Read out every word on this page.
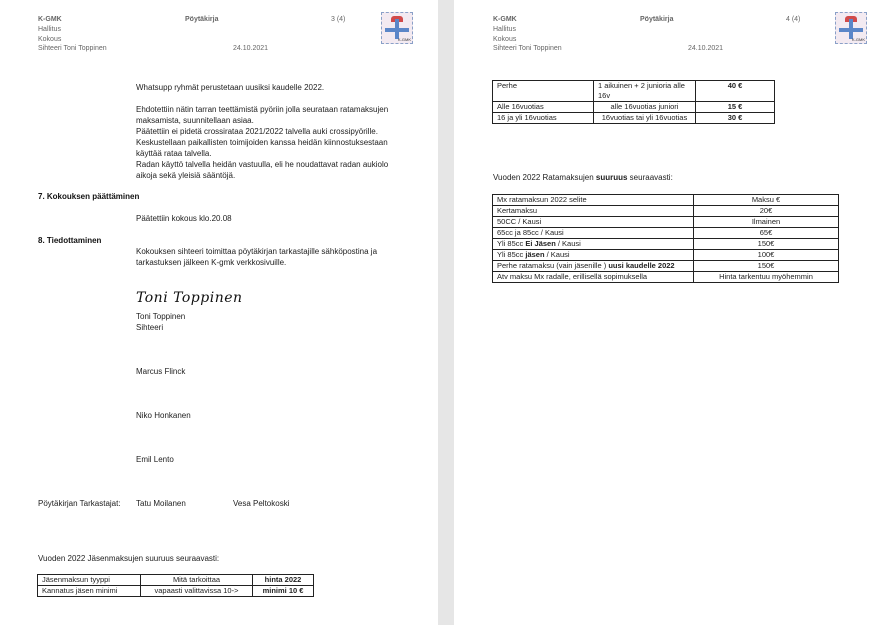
K-GMK
Hallitus
Kokous
Sihteeri Toni Toppinen
Pöytäkirja	3 (4)
24.10.2021
K-GMK
Whatsupp ryhmät perustetaan uusiksi kaudelle 2022.
Ehdotettiin nätin tarran teettämistä pyöriin jolla seurataan ratamaksujen
maksamista, suunnitellaan asiaa.
Päätettiin ei pidetä crossirataa 2021/2022 talvella auki crossipyörille.
Keskustellaan paikallisten toimijoiden kanssa heidän kiinnostuksestaan
käyttää rataa talvella.
Radan käyttö talvella heidän vastuulla, eli he noudattavat radan aukiolo
aikoja sekä yleisiä sääntöjä.
7. Kokouksen päättäminen
Päätettiin kokous klo.20.08
8. Tiedottaminen
Kokouksen sihteeri toimittaa pöytäkirjan tarkastajille sähköpostina ja
tarkastuksen jälkeen K-gmk verkkosivuille.
Toni Toppinen
Toni Toppinen
Sihteeri
Marcus Flinck
Niko Honkanen
Emil Lento
Pöytäkirjan Tarkastajat: Tatu Moilanen	Vesa Peltokoski
Vuoden 2022 Jäsenmaksujen suuruus seuraavasti:
Jäsenmaksun tyyppi	Mitä tarkoittaa	hinta 2022
Kannatus jäsen minimi	vapaasti valittavissa 10->	minimi 10 €
K-GMK
Hallitus
Kokous
Sihteeri Toni Toppinen
Pöytäkirja	4 (4)
24.10.2021
K-GMK
Perhe	1 aikuinen + 2 junioria alle 16v	40 €
Alle 16vuotias	alle 16vuotias juniori	15 €
16 ja yli 16vuotias	16vuotias tai yli 16vuotias	30 €
Vuoden 2022 Ratamaksujen suuruus seuraavasti:
Mx ratamaksun 2022 selite	Maksu €
Kertamaksu	20€
50CC / Kausi	Ilmainen
65cc ja 85cc / Kausi	65€
Yli 85cc Ei Jäsen / Kausi	150€
Yli 85cc jäsen / Kausi	100€
Perhe ratamaksu (vain jäsenille ) uusi kaudelle 2022	150€
Atv maksu Mx radalle, erillisellä sopimuksella	Hinta tarkentuu myöhemmin
